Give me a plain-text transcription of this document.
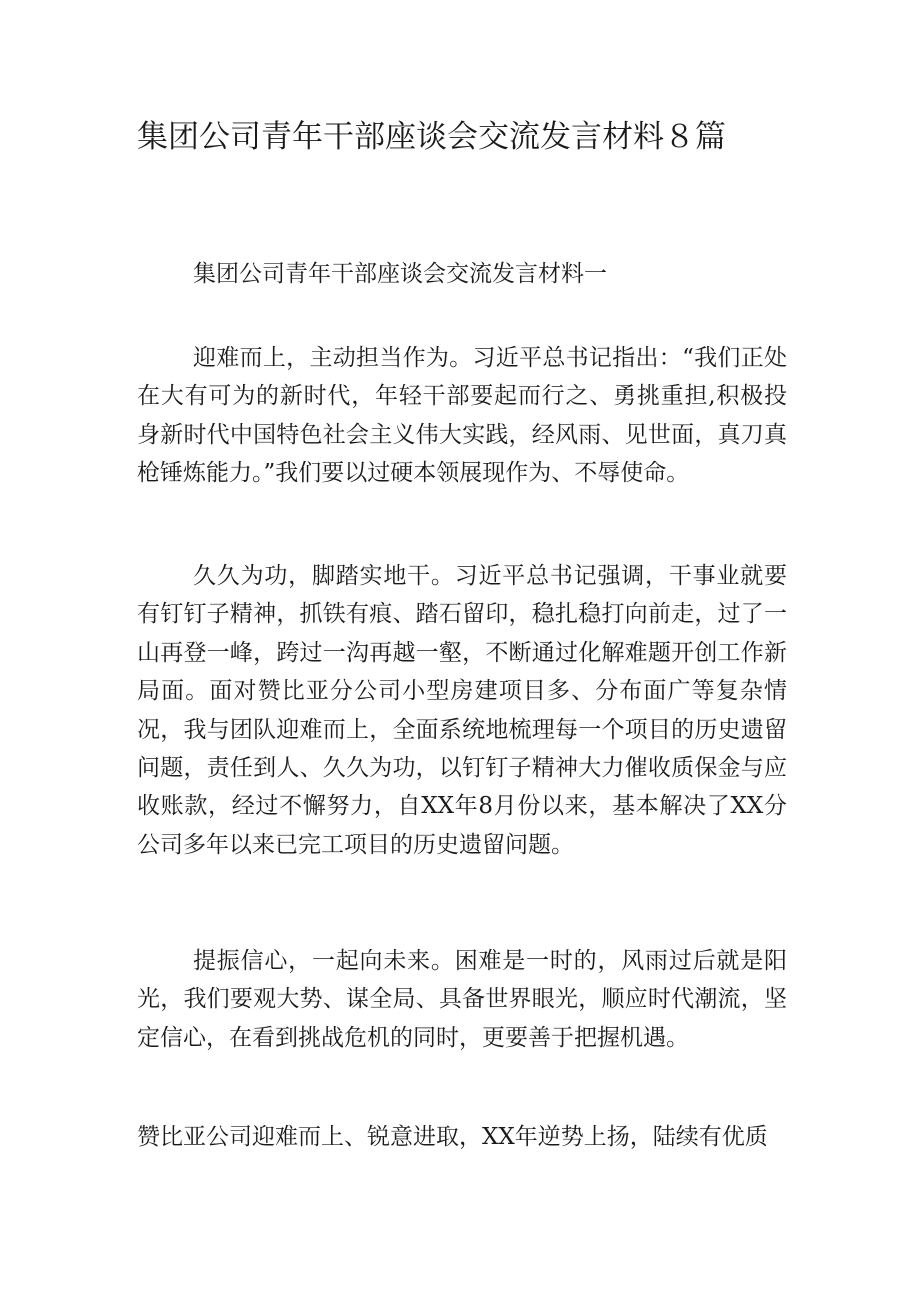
集团公司青年干部座谈会交流发言材料８篇

集团公司青年干部座谈会交流发言材料一

迎难而上，主动担当作为。习近平总书记指出：“我们正处在大有可为的新时代，年轻干部要起而行之、勇挑重担,积极投身新时代中国特色社会主义伟大实践，经风雨、见世面，真刀真枪锤炼能力。”我们要以过硬本领展现作为、不辱使命。

久久为功，脚踏实地干。习近平总书记强调，干事业就要有钉钉子精神，抓铁有痕、踏石留印，稳扎稳打向前走，过了一山再登一峰，跨过一沟再越一壑，不断通过化解难题开创工作新局面。面对赞比亚分公司小型房建项目多、分布面广等复杂情况，我与团队迎难而上，全面系统地梳理每一个项目的历史遗留问题，责任到人、久久为功，以钉钉子精神大力催收质保金与应收账款，经过不懈努力，自XX年8月份以来，基本解决了XX分公司多年以来已完工项目的历史遗留问题。

提振信心，一起向未来。困难是一时的，风雨过后就是阳光，我们要观大势、谋全局、具备世界眼光，顺应时代潮流，坚定信心，在看到挑战危机的同时，更要善于把握机遇。

赞比亚公司迎难而上、锐意进取，XX年逆势上扬，陆续有优质
